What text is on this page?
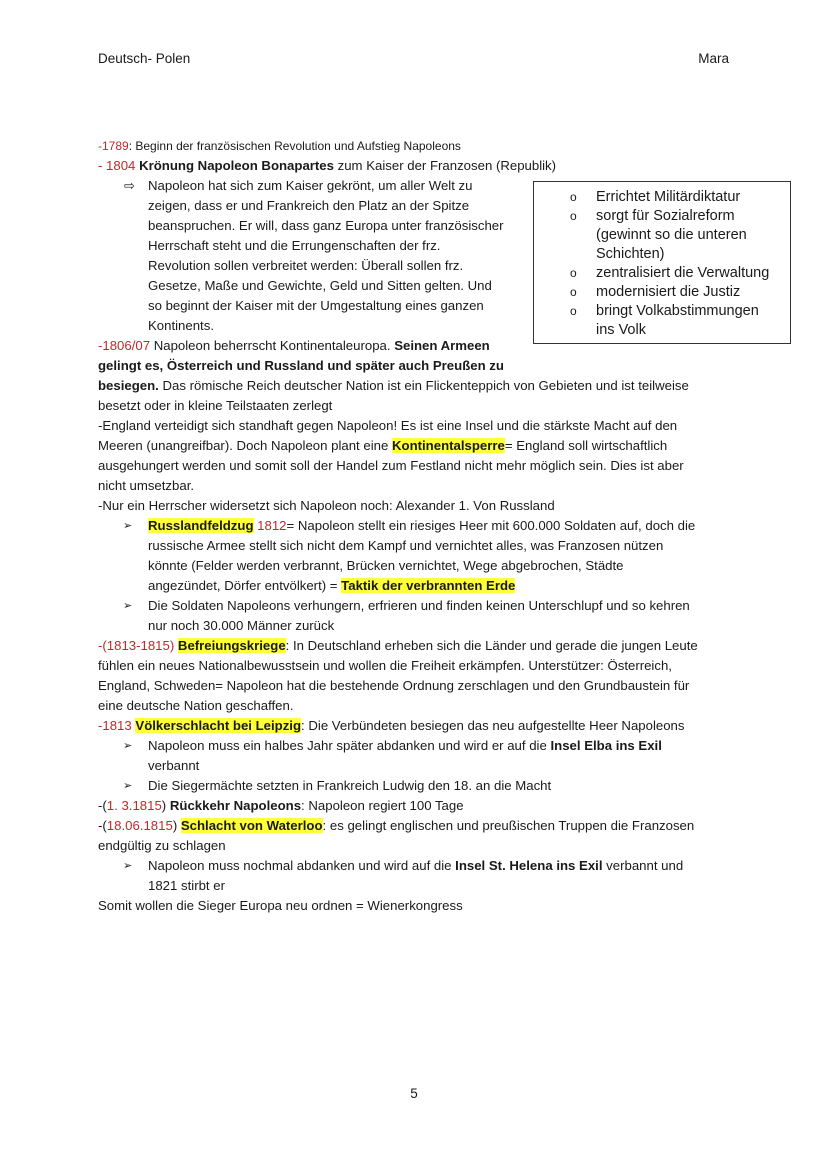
Deutsch- Polen	Mara
-1789: Beginn der französischen Revolution und Aufstieg Napoleons
- 1804 Krönung Napoleon Bonapartes zum Kaiser der Franzosen (Republik)
⇨ Napoleon hat sich zum Kaiser gekrönt, um aller Welt zu
zeigen, dass er und Frankreich den Platz an der Spitze
beanspruchen. Er will, dass ganz Europa unter französischer
Herrschaft steht und die Errungenschaften der frz.
Revolution sollen verbreitet werden: Überall sollen frz.
Gesetze, Maße und Gewichte, Geld und Sitten gelten. Und
so beginnt der Kaiser mit der Umgestaltung eines ganzen
Kontinents.
-1806/07 Napoleon beherrscht Kontinentaleuropa. Seinen Armeen
gelingt es, Österreich und Russland und später auch Preußen zu
besiegen. Das römische Reich deutscher Nation ist ein Flickenteppich von Gebieten und ist teilweise
besetzt oder in kleine Teilstaaten zerlegt
-England verteidigt sich standhaft gegen Napoleon! Es ist eine Insel und die stärkste Macht auf den
Meeren (unangreifbar). Doch Napoleon plant eine Kontinentalsperre= England soll wirtschaftlich
ausgehungert werden und somit soll der Handel zum Festland nicht mehr möglich sein. Dies ist aber
nicht umsetzbar.
-Nur ein Herrscher widersetzt sich Napoleon noch: Alexander 1. Von Russland
➢ Russlandfeldzug 1812= Napoleon stellt ein riesiges Heer mit 600.000 Soldaten auf, doch die
russische Armee stellt sich nicht dem Kampf und vernichtet alles, was Franzosen nützen
könnte (Felder werden verbrannt, Brücken vernichtet, Wege abgebrochen, Städte
angezündet, Dörfer entvölkert) = Taktik der verbrannten Erde
➢ Die Soldaten Napoleons verhungern, erfrieren und finden keinen Unterschlupf und so kehren
nur noch 30.000 Männer zurück
-(1813-1815) Befreiungskriege: In Deutschland erheben sich die Länder und gerade die jungen Leute
fühlen ein neues Nationalbewusstsein und wollen die Freiheit erkämpfen. Unterstützer: Österreich,
England, Schweden= Napoleon hat die bestehende Ordnung zerschlagen und den Grundbaustein für
eine deutsche Nation geschaffen.
-1813 Völkerschlacht bei Leipzig: Die Verbündeten besiegen das neu aufgestellte Heer Napoleons
➢ Napoleon muss ein halbes Jahr später abdanken und wird er auf die Insel Elba ins Exil
verbannt
➢ Die Siegermächte setzten in Frankreich Ludwig den 18. an die Macht
-(1. 3.1815) Rückkehr Napoleons: Napoleon regiert 100 Tage
-(18.06.1815) Schlacht von Waterloo: es gelingt englischen und preußischen Truppen die Franzosen
endgültig zu schlagen
➢ Napoleon muss nochmal abdanken und wird auf die Insel St. Helena ins Exil verbannt und
1821 stirbt er
Somit wollen die Sieger Europa neu ordnen = Wienerkongress
o Errichtet Militärdiktatur
o sorgt für Sozialreform
(gewinnt so die unteren
Schichten)
o zentralisiert die Verwaltung
o modernisiert die Justiz
o bringt Volkabstimmungen
ins Volk
5
